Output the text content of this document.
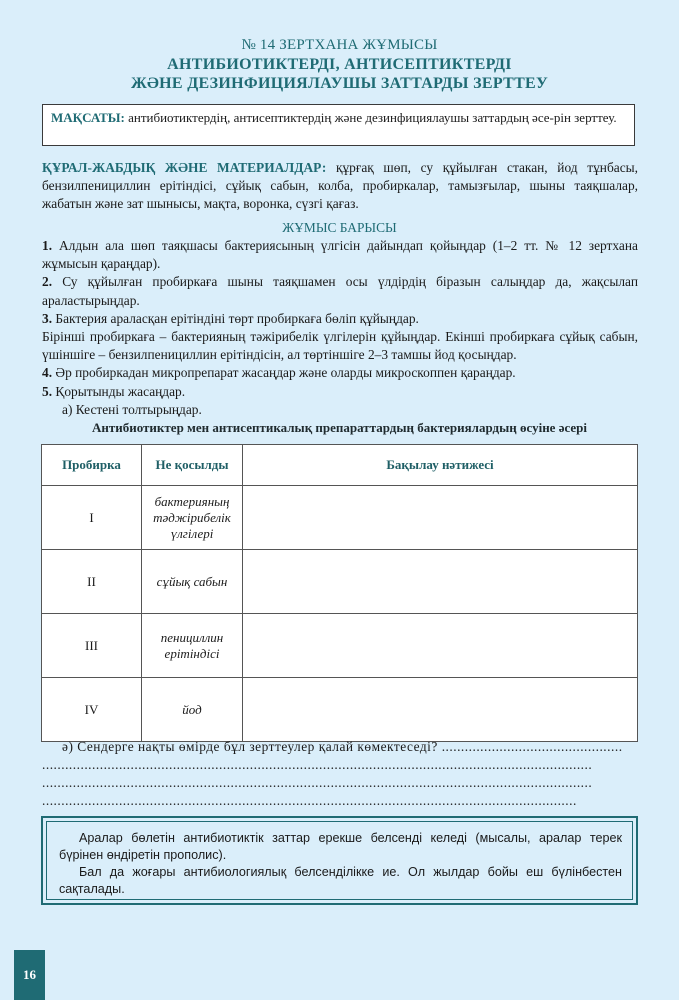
№ 14 ЗЕРТХАНА ЖҰМЫСЫ
АНТИБИОТИКТЕРДІ, АНТИСЕПТИКТЕРДІ
ЖӘНЕ ДЕЗИНФИЦИЯЛАУШЫ ЗАТТАРДЫ ЗЕРТТЕУ
МАҚСАТЫ: антибиотиктердің, антисептиктердің және дезинфициялаушы заттардың әсе-рін зерттеу.
ҚҰРАЛ-ЖАБДЫҚ ЖӘНЕ МАТЕРИАЛДАР: құрғақ шөп, су құйылған стакан, йод тұнбасы, бензилпенициллин ерітіндісі, сұйық сабын, колба, пробиркалар, тамызғылар, шыны таяқшалар, жабатын және зат шынысы, мақта, воронка, сүзгі қағаз.
ЖҰМЫС БАРЫСЫ

1. Алдын ала шөп таяқшасы бактериясының үлгісін дайындап қойыңдар (1–2 тт. № 12 зертхана жұмысын қараңдар).

2. Су құйылған пробиркаға шыны таяқшамен осы үлдірдің біразын салыңдар да, жақсылап араластырыңдар.

3. Бактерия араласқан ерітіндіні төрт пробиркаға бөліп құйыңдар.

Бірінші пробиркаға – бактерияның тәжірибелік үлгілерін құйыңдар. Екінші пробиркаға сұйық сабын, үшіншіге – бензилпенициллин ерітіндісін, ал төртіншіге 2–3 тамшы йод қосыңдар.

4. Әр пробиркадан микропрепарат жасаңдар және оларды микроскоппен қараңдар.

5. Қорытынды жасаңдар.

а) Кестені толтырыңдар.

Антибиотиктер мен антисептикалық препараттардың бактериялардың өсуіне әсері
Пробирка	Не қосылды	Бақылау нәтижесі
I	бактерияның тәджірибелік үлгілері	
II	сұйық сабын	
III	пенициллин ерітіндісі	
IV	йод	
ә) Сендерге нақты өмірде бұл зерттеулер қалай көмектеседі? ...............................................
...............................................................................................................................................
...............................................................................................................................................
...........................................................................................................................................

Аралар бөлетін антибиотиктік заттар ерекше белсенді келеді (мысалы, аралар терек бүрінен өндіретін прополис).

Бал да жоғары антибиологиялық белсенділікке ие. Ол жылдар бойы еш бүлінбестен сақталады.

16
